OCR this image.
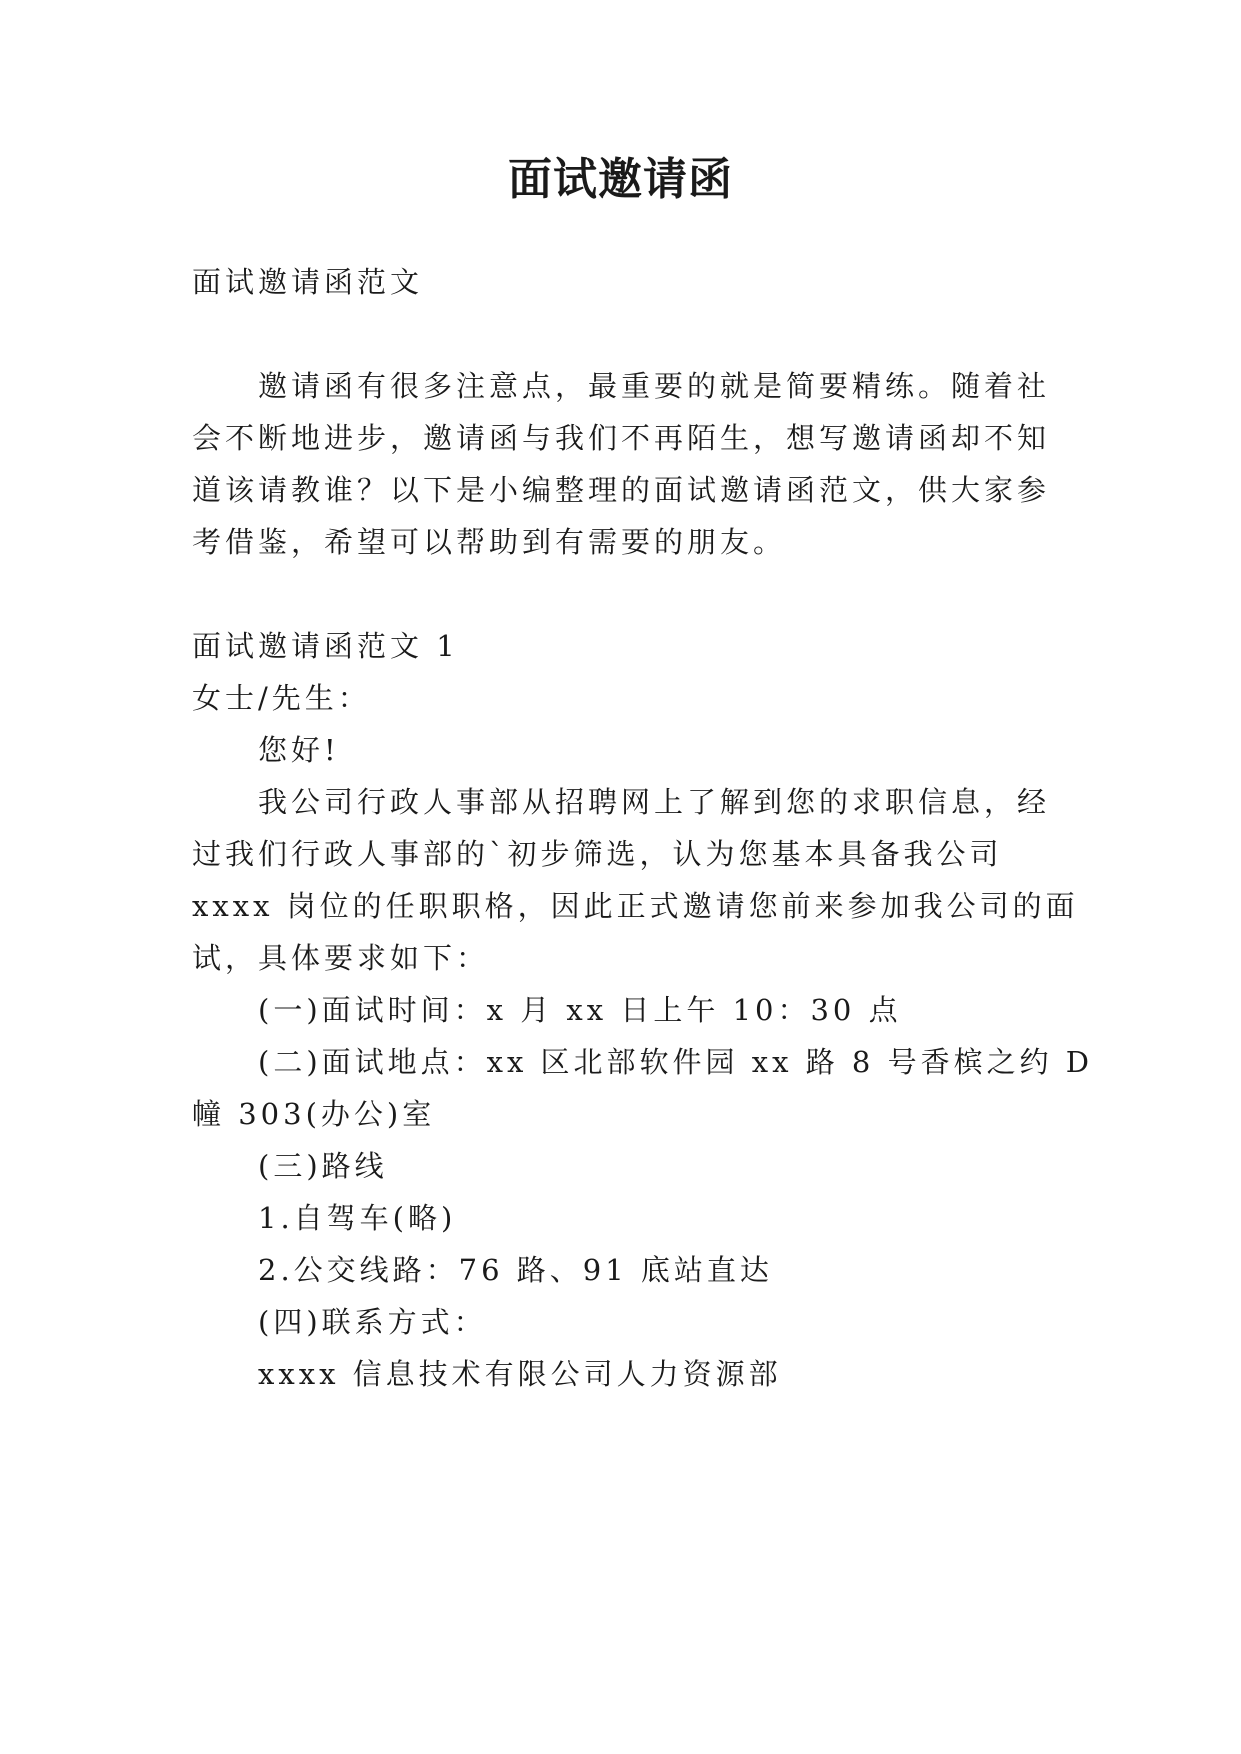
面试邀请函
面试邀请函范文
邀请函有很多注意点，最重要的就是简要精练。随着社
会不断地进步，邀请函与我们不再陌生，想写邀请函却不知
道该请教谁？以下是小编整理的面试邀请函范文，供大家参
考借鉴，希望可以帮助到有需要的朋友。
面试邀请函范文 1
女士/先生：
您好!
我公司行政人事部从招聘网上了解到您的求职信息，经
过我们行政人事部的`初步筛选，认为您基本具备我公司
xxxx 岗位的任职职格，因此正式邀请您前来参加我公司的面
试，具体要求如下：
(一)面试时间：x 月 xx 日上午 10：30 点
(二)面试地点：xx 区北部软件园 xx 路 8 号香槟之约 D
幢 303(办公)室
(三)路线
1.自驾车(略)
2.公交线路：76 路、91 底站直达
(四)联系方式：
xxxx 信息技术有限公司人力资源部
